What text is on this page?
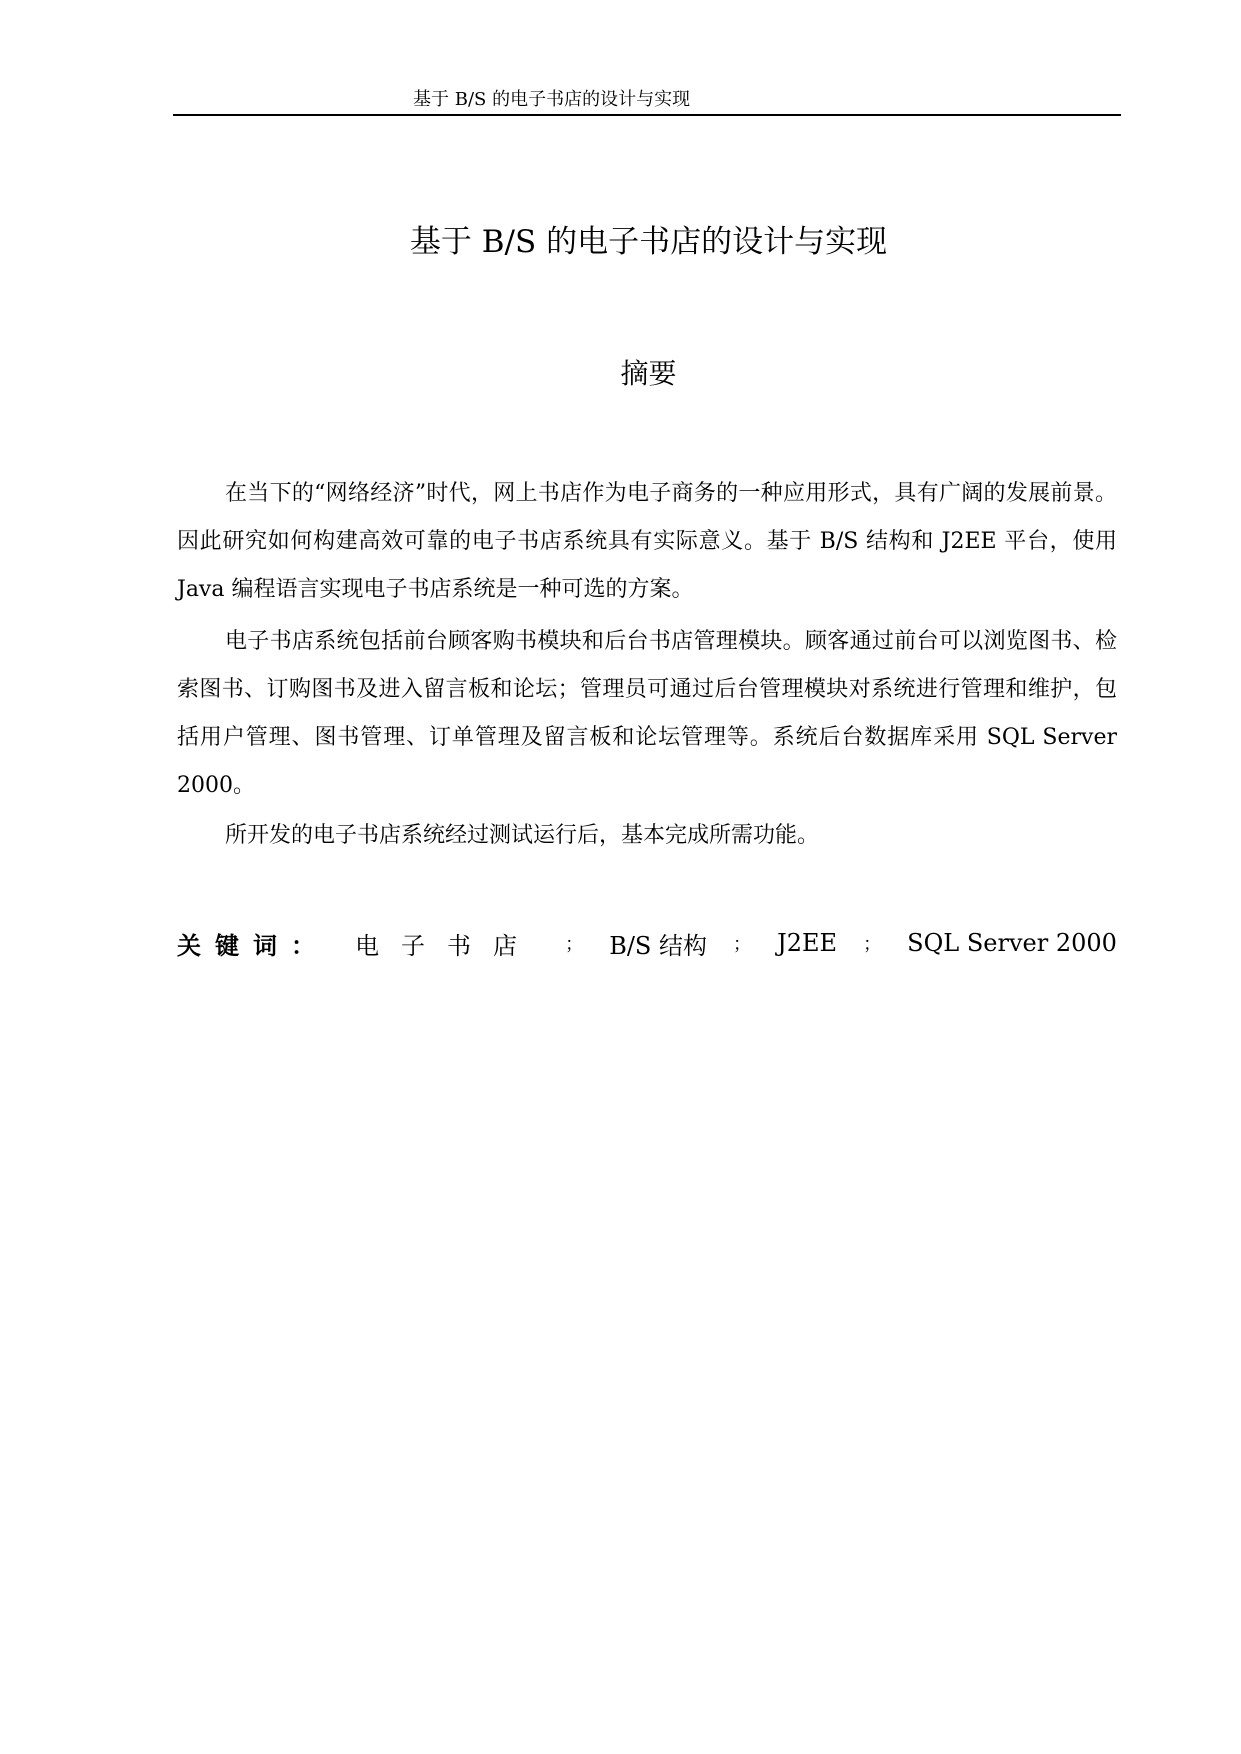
基于 B/S 的电子书店的设计与实现
基于 B/S 的电子书店的设计与实现
摘要

在当下的“网络经济”时代，网上书店作为电子商务的一种应用形式，具有广阔的发展前景。因此研究如何构建高效可靠的电子书店系统具有实际意义。基于 B/S 结构和 J2EE 平台，使用 Java 编程语言实现电子书店系统是一种可选的方案。

电子书店系统包括前台顾客购书模块和后台书店管理模块。顾客通过前台可以浏览图书、检索图书、订购图书及进入留言板和论坛；管理员可通过后台管理模块对系统进行管理和维护，包括用户管理、图书管理、订单管理及留言板和论坛管理等。系统后台数据库采用 SQL Server 2000。

所开发的电子书店系统经过测试运行后，基本完成所需功能。

关键词： 电子书店 ； B/S 结构 ； J2EE ； SQL Server 2000
